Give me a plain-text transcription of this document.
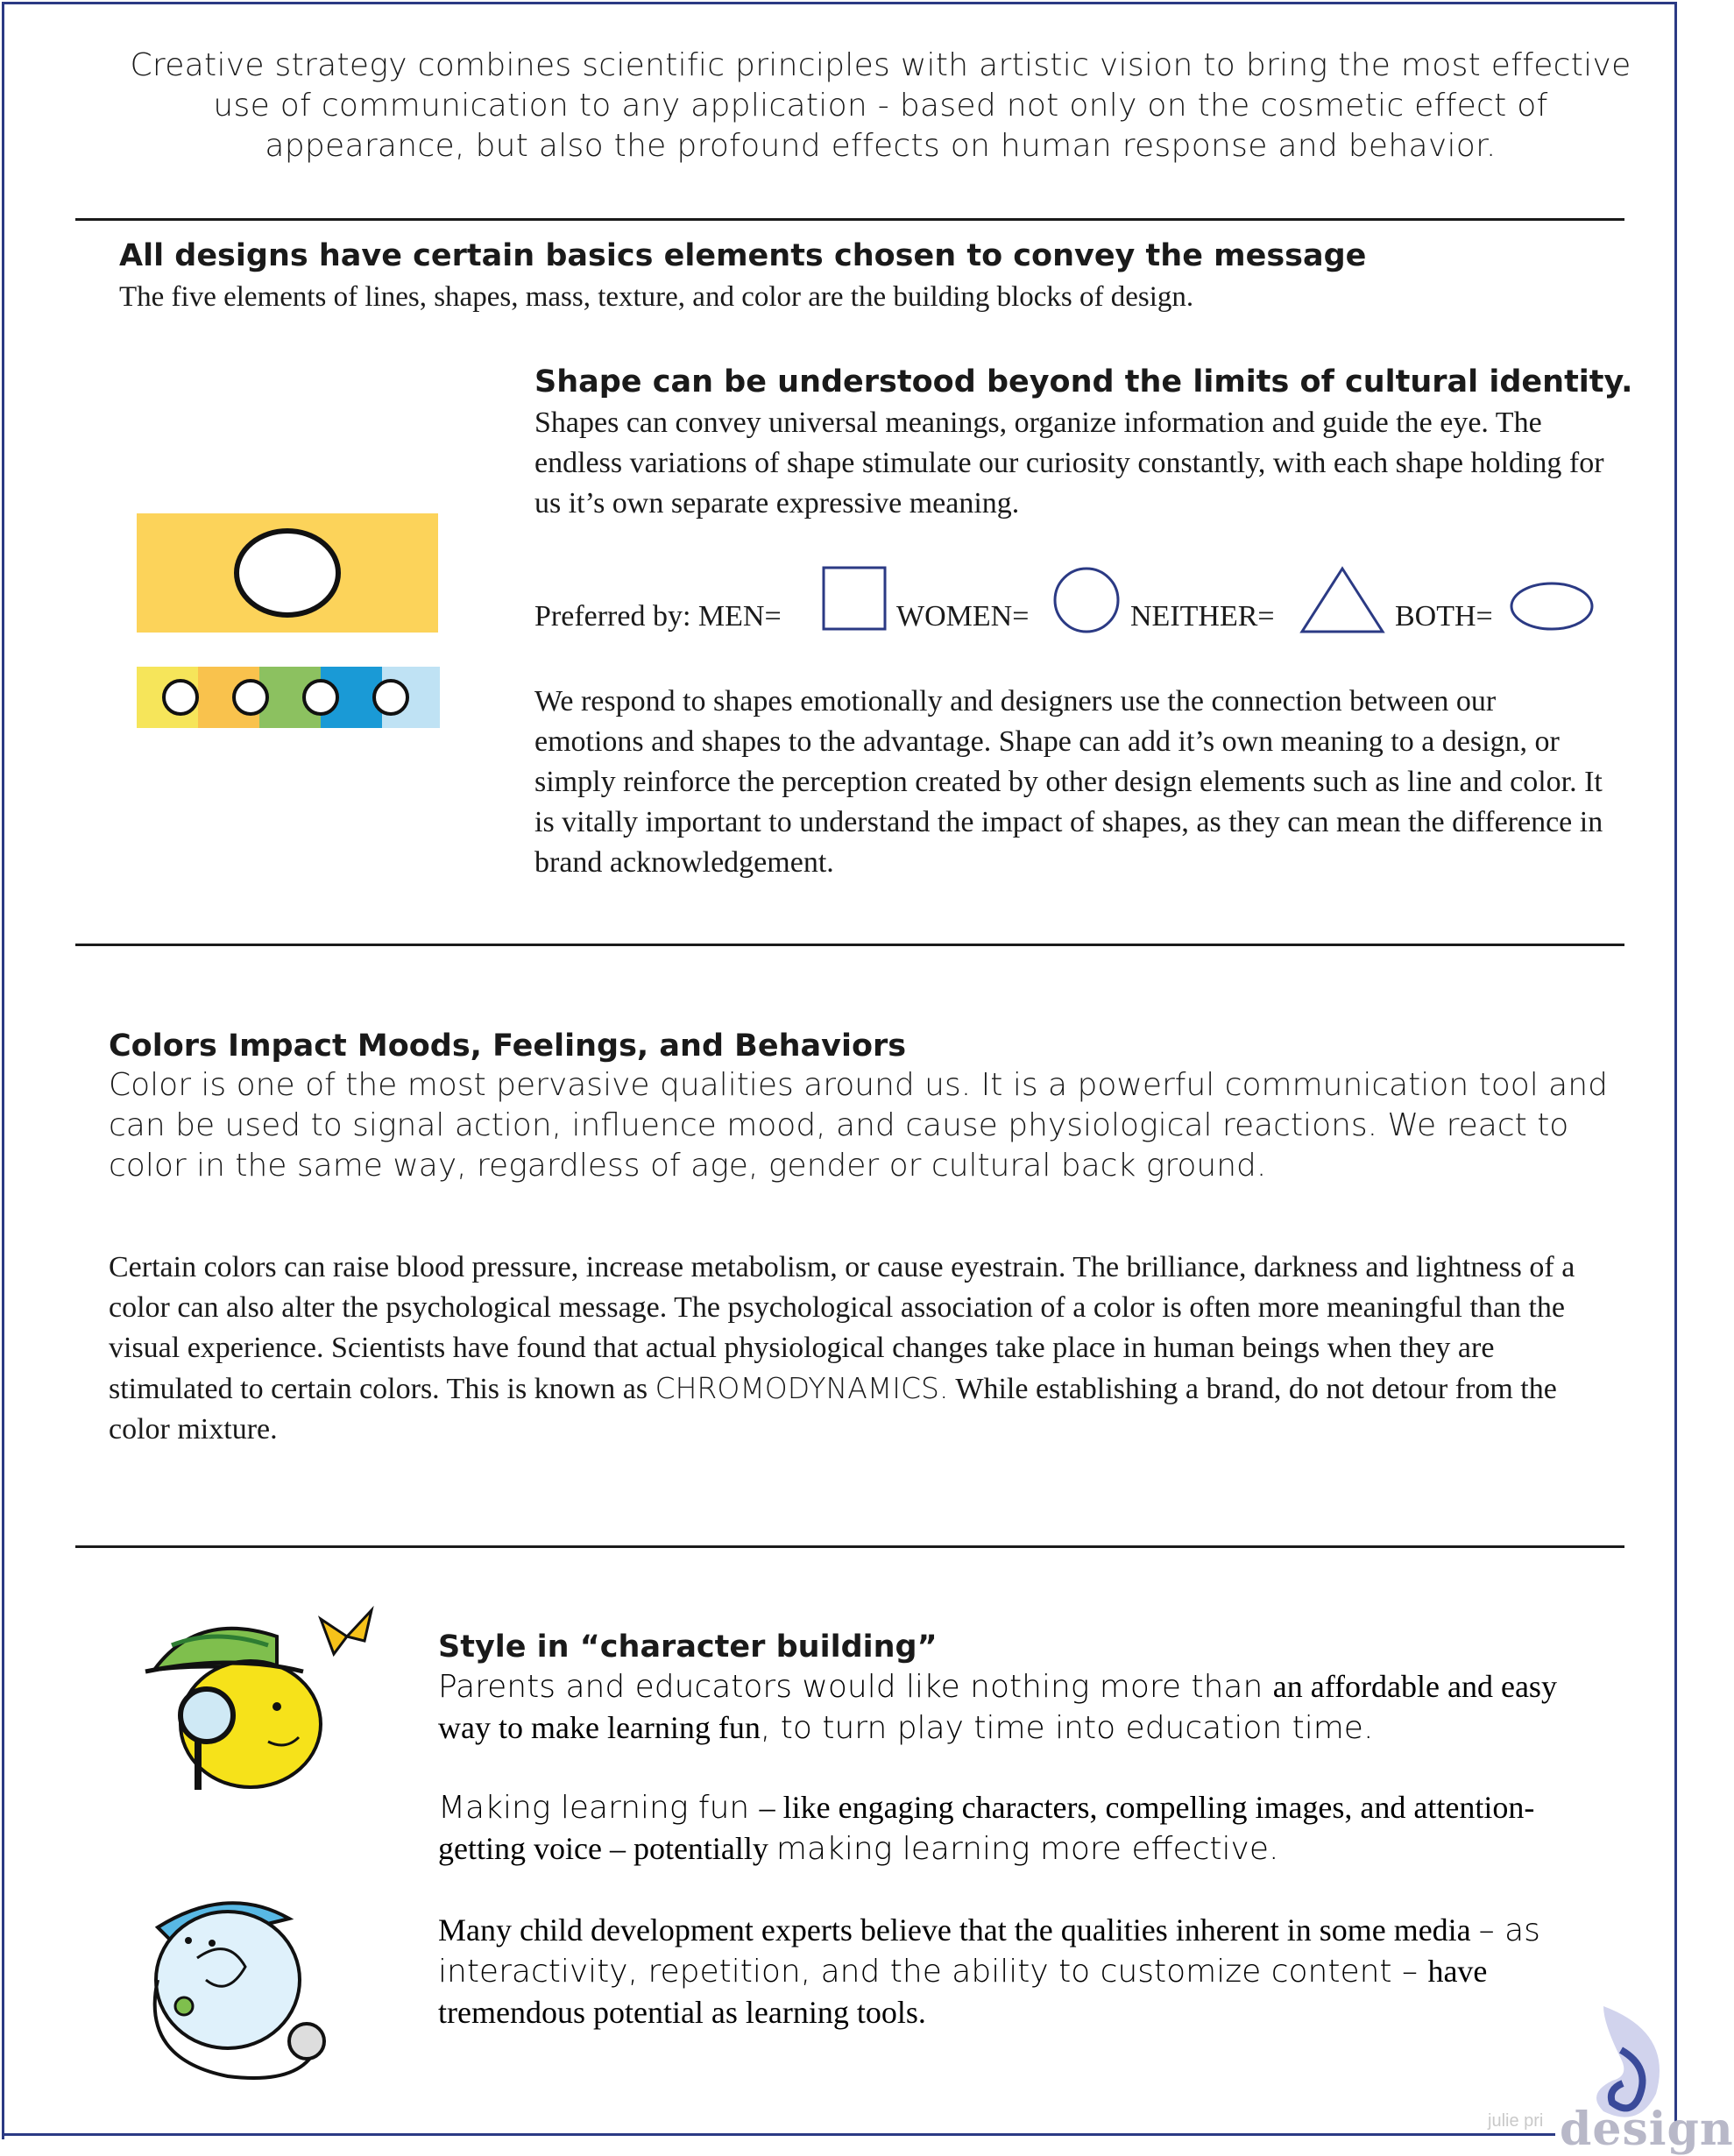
Creative strategy combines scientific principles with artistic vision to bring the most effective use of communication to any application - based not only on the cosmetic effect of appearance, but also the profound effects on human response and behavior.
All designs have certain basics elements chosen to convey the message
The five elements of lines, shapes, mass, texture, and color are the building blocks of design.
Shape can be understood beyond the limits of cultural identity.
Shapes can convey universal meanings, organize information and guide the eye. The endless variations of shape stimulate our curiosity constantly, with each shape holding for us it’s own separate expressive meaning.
Preferred by: MEN=	WOMEN=	NEITHER=	BOTH=
We respond to shapes emotionally and designers use the connection between our emotions and shapes to the advantage. Shape can add it’s own meaning to a design, or simply reinforce the perception created by other design elements such as line and color. It is vitally important to understand the impact of shapes, as they can mean the difference in brand acknowledgement.
Colors Impact Moods, Feelings, and Behaviors
Color is one of the most pervasive qualities around us. It is a powerful communication tool and can be used to signal action, influence mood, and cause physiological reactions. We react to color in the same way, regardless of age, gender or cultural back ground.
Certain colors can raise blood pressure, increase metabolism, or cause eyestrain. The brilliance, darkness and lightness of a color can also alter the psychological message. The psychological association of a color is often more meaningful than the visual experience. Scientists have found that actual physiological changes take place in human beings when they are stimulated to certain colors. This is known as CHROMODYNAMICS. While establishing a brand, do not detour from the color mixture.
Style in “character building”
Parents and educators would like nothing more than an affordable and easy way to make learning fun, to turn play time into education time.
Making learning fun – like engaging characters, compelling images, and attention-getting voice – potentially making learning more effective.
Many child development experts believe that the qualities inherent in some media – as interactivity, repetition, and the ability to customize content – have tremendous potential as learning tools.
julie pri design
